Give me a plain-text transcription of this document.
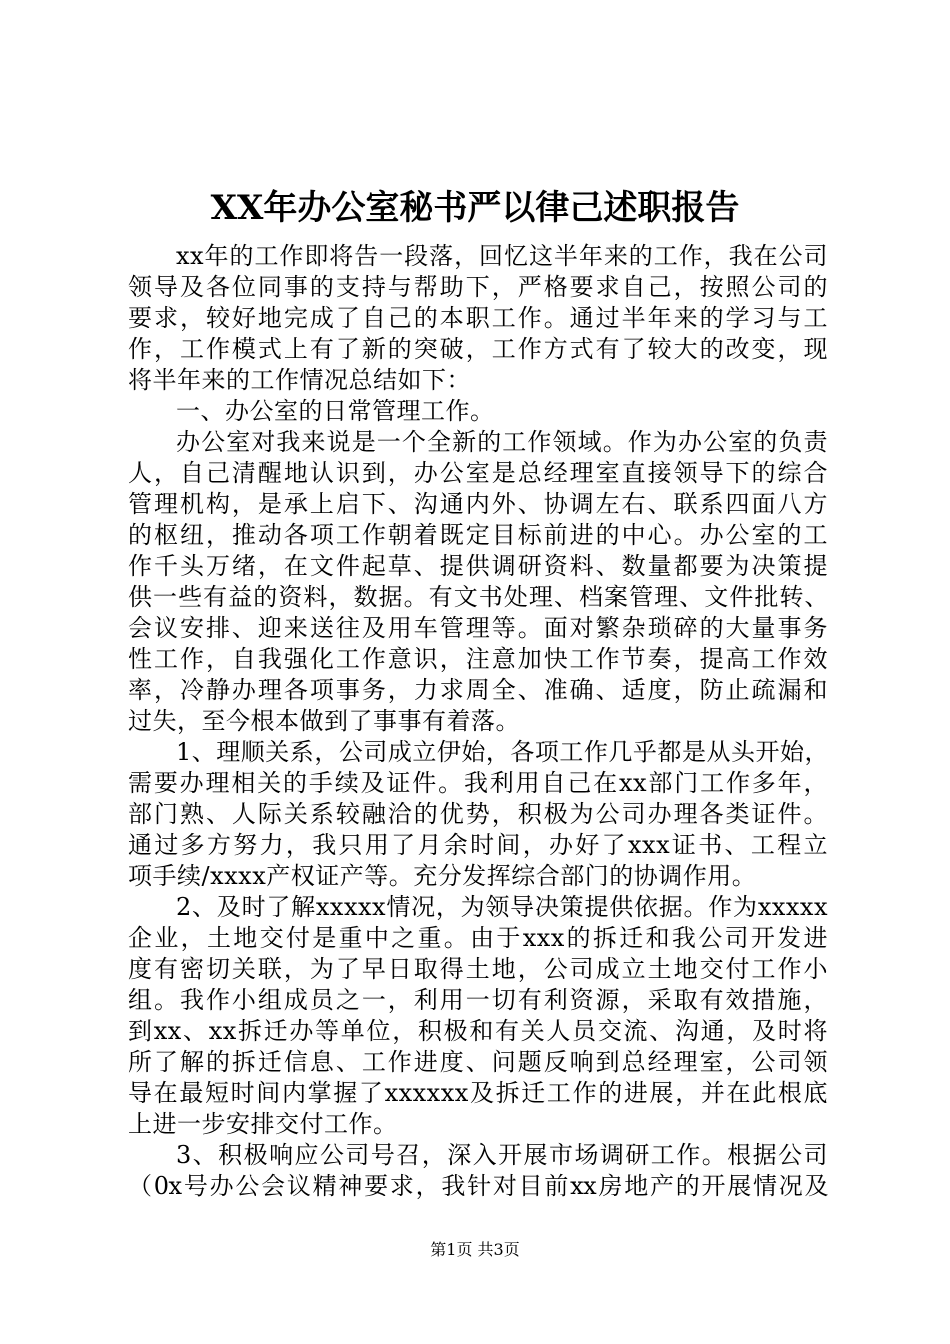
XX年办公室秘书严以律己述职报告
xx年的工作即将告一段落，回忆这半年来的工作，我在公司
领导及各位同事的支持与帮助下，严格要求自己，按照公司的
要求，较好地完成了自己的本职工作。通过半年来的学习与工
作，工作模式上有了新的突破，工作方式有了较大的改变，现
将半年来的工作情况总结如下：
一、办公室的日常管理工作。
办公室对我来说是一个全新的工作领域。作为办公室的负责
人，自己清醒地认识到，办公室是总经理室直接领导下的综合
管理机构，是承上启下、沟通内外、协调左右、联系四面八方
的枢纽，推动各项工作朝着既定目标前进的中心。办公室的工
作千头万绪，在文件起草、提供调研资料、数量都要为决策提
供一些有益的资料，数据。有文书处理、档案管理、文件批转、
会议安排、迎来送往及用车管理等。面对繁杂琐碎的大量事务
性工作，自我强化工作意识，注意加快工作节奏，提高工作效
率，冷静办理各项事务，力求周全、准确、适度，防止疏漏和
过失，至今根本做到了事事有着落。
1、理顺关系，公司成立伊始，各项工作几乎都是从头开始，
需要办理相关的手续及证件。我利用自己在xx部门工作多年，
部门熟、人际关系较融洽的优势，积极为公司办理各类证件。
通过多方努力，我只用了月余时间，办好了xxx证书、工程立
项手续/xxxx产权证产等。充分发挥综合部门的协调作用。
2、及时了解xxxxx情况，为领导决策提供依据。作为xxxxx
企业，土地交付是重中之重。由于xxx的拆迁和我公司开发进
度有密切关联，为了早日取得土地，公司成立土地交付工作小
组。我作小组成员之一，利用一切有利资源，采取有效措施，
到xx、xx拆迁办等单位，积极和有关人员交流、沟通，及时将
所了解的拆迁信息、工作进度、问题反响到总经理室，公司领
导在最短时间内掌握了xxxxxx及拆迁工作的进展，并在此根底
上进一步安排交付工作。
3、积极响应公司号召，深入开展市场调研工作。根据公司
（0x号办公会议精神要求，我针对目前xx房地产的开展情况及
第1页 共3页
